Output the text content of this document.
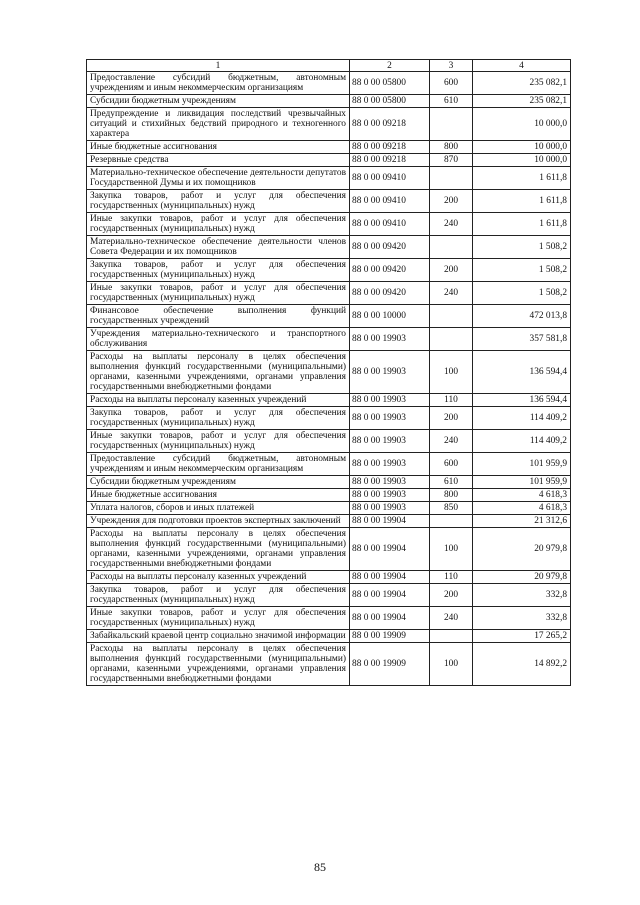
1	2	3	4
Предоставление субсидий бюджетным, автономным учреждениям и иным некоммерческим организациям	88 0 00 05800	600	235 082,1
Субсидии бюджетным учреждениям	88 0 00 05800	610	235 082,1
Предупреждение и ликвидация последствий чрезвычайных ситуаций и стихийных бедствий природного и техногенного характера	88 0 00 09218		10 000,0
Иные бюджетные ассигнования	88 0 00 09218	800	10 000,0
Резервные средства	88 0 00 09218	870	10 000,0
Материально-техническое обеспечение деятельности депутатов Государственной Думы и их помощников	88 0 00 09410		1 611,8
Закупка товаров, работ и услуг для обеспечения государственных (муниципальных) нужд	88 0 00 09410	200	1 611,8
Иные закупки товаров, работ и услуг для обеспечения государственных (муниципальных) нужд	88 0 00 09410	240	1 611,8
Материально-техническое обеспечение деятельности членов Совета Федерации и их помощников	88 0 00 09420		1 508,2
Закупка товаров, работ и услуг для обеспечения государственных (муниципальных) нужд	88 0 00 09420	200	1 508,2
Иные закупки товаров, работ и услуг для обеспечения государственных (муниципальных) нужд	88 0 00 09420	240	1 508,2
Финансовое обеспечение выполнения функций государственных учреждений	88 0 00 10000		472 013,8
Учреждения материально-технического и транспортного обслуживания	88 0 00 19903		357 581,8
Расходы на выплаты персоналу в целях обеспечения выполнения функций государственными (муниципальными) органами, казенными учреждениями, органами управления государственными внебюджетными фондами	88 0 00 19903	100	136 594,4
Расходы на выплаты персоналу казенных учреждений	88 0 00 19903	110	136 594,4
Закупка товаров, работ и услуг для обеспечения государственных (муниципальных) нужд	88 0 00 19903	200	114 409,2
Иные закупки товаров, работ и услуг для обеспечения государственных (муниципальных) нужд	88 0 00 19903	240	114 409,2
Предоставление субсидий бюджетным, автономным учреждениям и иным некоммерческим организациям	88 0 00 19903	600	101 959,9
Субсидии бюджетным учреждениям	88 0 00 19903	610	101 959,9
Иные бюджетные ассигнования	88 0 00 19903	800	4 618,3
Уплата налогов, сборов и иных платежей	88 0 00 19903	850	4 618,3
Учреждения для подготовки проектов экспертных заключений	88 0 00 19904		21 312,6
Расходы на выплаты персоналу в целях обеспечения выполнения функций государственными (муниципальными) органами, казенными учреждениями, органами управления государственными внебюджетными фондами	88 0 00 19904	100	20 979,8
Расходы на выплаты персоналу казенных учреждений	88 0 00 19904	110	20 979,8
Закупка товаров, работ и услуг для обеспечения государственных (муниципальных) нужд	88 0 00 19904	200	332,8
Иные закупки товаров, работ и услуг для обеспечения государственных (муниципальных) нужд	88 0 00 19904	240	332,8
Забайкальский краевой центр социально значимой информации	88 0 00 19909		17 265,2
Расходы на выплаты персоналу в целях обеспечения выполнения функций государственными (муниципальными) органами, казенными учреждениями, органами управления государственными внебюджетными фондами	88 0 00 19909	100	14 892,2
85
